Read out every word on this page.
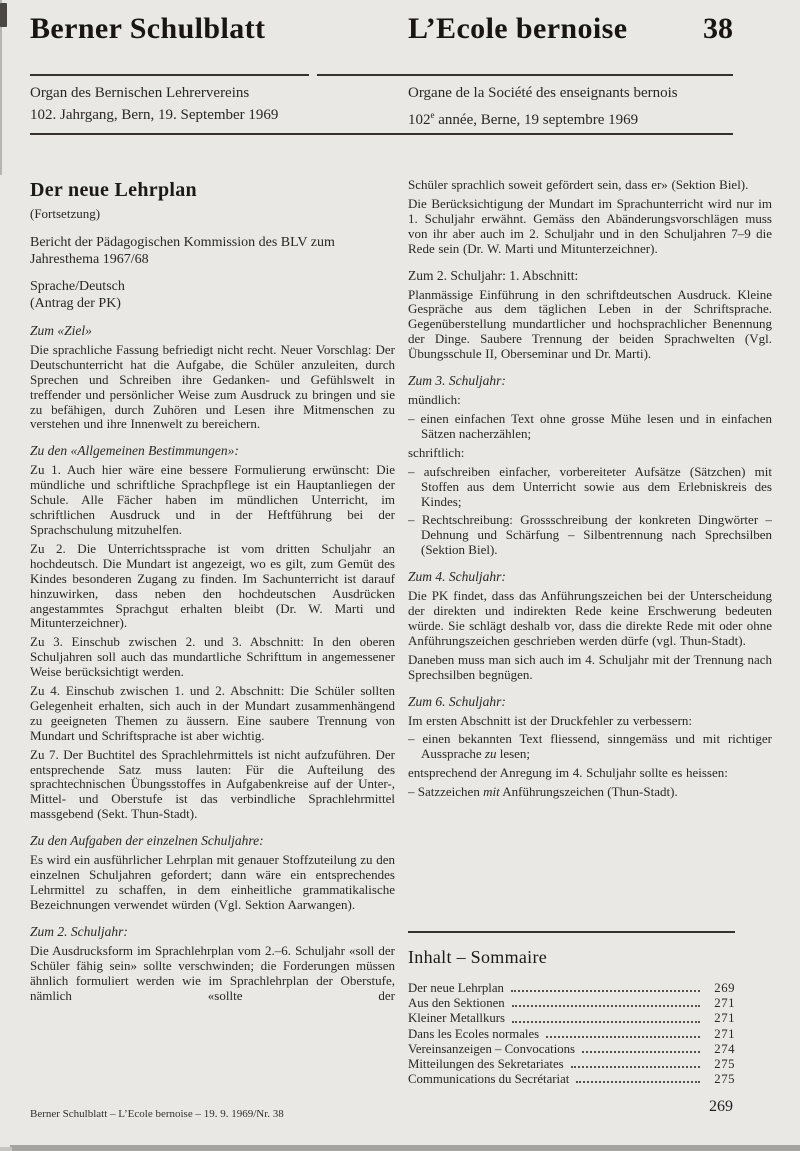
Berner Schulblatt	L’Ecole bernoise	38
Organ des Bernischen Lehrervereins
102. Jahrgang, Bern, 19. September 1969
Organe de la Société des enseignants bernois
102e année, Berne, 19 septembre 1969
Der neue Lehrplan
(Fortsetzung)

Bericht der Pädagogischen Kommission des BLV zum Jahresthema 1967/68

Sprache/Deutsch

(Antrag der PK)

Zum «Ziel»

Die sprachliche Fassung befriedigt nicht recht. Neuer Vorschlag: Der Deutschunterricht hat die Aufgabe, die Schüler anzuleiten, durch Sprechen und Schreiben ihre Gedanken- und Gefühlswelt in treffender und persönlicher Weise zum Ausdruck zu bringen und sie zu befähigen, durch Zuhören und Lesen ihre Mitmenschen zu verstehen und ihre Innenwelt zu bereichern.

Zu den «Allgemeinen Bestimmungen»:

Zu 1. Auch hier wäre eine bessere Formulierung erwünscht: Die mündliche und schriftliche Sprachpflege ist ein Hauptanliegen der Schule. Alle Fächer haben im mündlichen Unterricht, im schriftlichen Ausdruck und in der Heftführung bei der Sprachschulung mitzuhelfen.

Zu 2. Die Unterrichtssprache ist vom dritten Schuljahr an hochdeutsch. Die Mundart ist angezeigt, wo es gilt, zum Gemüt des Kindes besonderen Zugang zu finden. Im Sachunterricht ist darauf hinzuwirken, dass neben den hochdeutschen Ausdrücken angestammtes Sprachgut erhalten bleibt (Dr. W. Marti und Mitunterzeichner).

Zu 3. Einschub zwischen 2. und 3. Abschnitt: In den oberen Schuljahren soll auch das mundartliche Schrifttum in angemessener Weise berücksichtigt werden.

Zu 4. Einschub zwischen 1. und 2. Abschnitt: Die Schüler sollten Gelegenheit erhalten, sich auch in der Mundart zusammenhängend zu geeigneten Themen zu äussern. Eine saubere Trennung von Mundart und Schriftsprache ist aber wichtig.

Zu 7. Der Buchtitel des Sprachlehrmittels ist nicht aufzuführen. Der entsprechende Satz muss lauten: Für die Aufteilung des sprachtechnischen Übungsstoffes in Aufgabenkreise auf der Unter-, Mittel- und Oberstufe ist das verbindliche Sprachlehrmittel massgebend (Sekt. Thun-Stadt).

Zu den Aufgaben der einzelnen Schuljahre:

Es wird ein ausführlicher Lehrplan mit genauer Stoffzuteilung zu den einzelnen Schuljahren gefordert; dann wäre ein entsprechendes Lehrmittel zu schaffen, in dem einheitliche grammatikalische Bezeichnungen verwendet würden (Vgl. Sektion Aarwangen).

Zum 2. Schuljahr:

Die Ausdrucksform im Sprachlehrplan vom 2.–6. Schuljahr «soll der Schüler fähig sein» sollte verschwinden; die Forderungen müssen ähnlich formuliert werden wie im Sprachlehrplan der Oberstufe, nämlich «sollte der

Schüler sprachlich soweit gefördert sein, dass er» (Sektion Biel).

Die Berücksichtigung der Mundart im Sprachunterricht wird nur im 1. Schuljahr erwähnt. Gemäss den Abänderungsvorschlägen muss von ihr aber auch im 2. Schuljahr und in den Schuljahren 7–9 die Rede sein (Dr. W. Marti und Mitunterzeichner).

Zum 2. Schuljahr: 1. Abschnitt:

Planmässige Einführung in den schriftdeutschen Ausdruck. Kleine Gespräche aus dem täglichen Leben in der Schriftsprache. Gegenüberstellung mundartlicher und hochsprachlicher Benennung der Dinge. Saubere Trennung der beiden Sprachwelten (Vgl. Übungsschule II, Oberseminar und Dr. Marti).

Zum 3. Schuljahr:
mündlich:
– einen einfachen Text ohne grosse Mühe lesen und in einfachen Sätzen nacherzählen;
schriftlich:
– aufschreiben einfacher, vorbereiteter Aufsätze (Sätzchen) mit Stoffen aus dem Unterricht sowie aus dem Erlebniskreis des Kindes;
– Rechtschreibung: Grossschreibung der konkreten Dingwörter – Dehnung und Schärfung – Silbentrennung nach Sprechsilben (Sektion Biel).
Zum 4. Schuljahr:

Die PK findet, dass das Anführungszeichen bei der Unterscheidung der direkten und indirekten Rede keine Erschwerung bedeuten würde. Sie schlägt deshalb vor, dass die direkte Rede mit oder ohne Anführungszeichen geschrieben werden dürfe (vgl. Thun-Stadt).

Daneben muss man sich auch im 4. Schuljahr mit der Trennung nach Sprechsilben begnügen.

Zum 6. Schuljahr:

Im ersten Abschnitt ist der Druckfehler zu verbessern:

– einen bekannten Text fliessend, sinngemäss und mit richtiger Aussprache zu lesen;

entsprechend der Anregung im 4. Schuljahr sollte es heissen:

– Satzzeichen mit Anführungszeichen (Thun-Stadt).
Inhalt – Sommaire
Der neue Lehrplan	269
Aus den Sektionen	271
Kleiner Metallkurs	271
Dans les Ecoles normales	271
Vereinsanzeigen – Convocations	274
Mitteilungen des Sekretariates	275
Communications du Secrétariat	275
Berner Schulblatt – L’Ecole bernoise – 19. 9. 1969/Nr. 38	269
